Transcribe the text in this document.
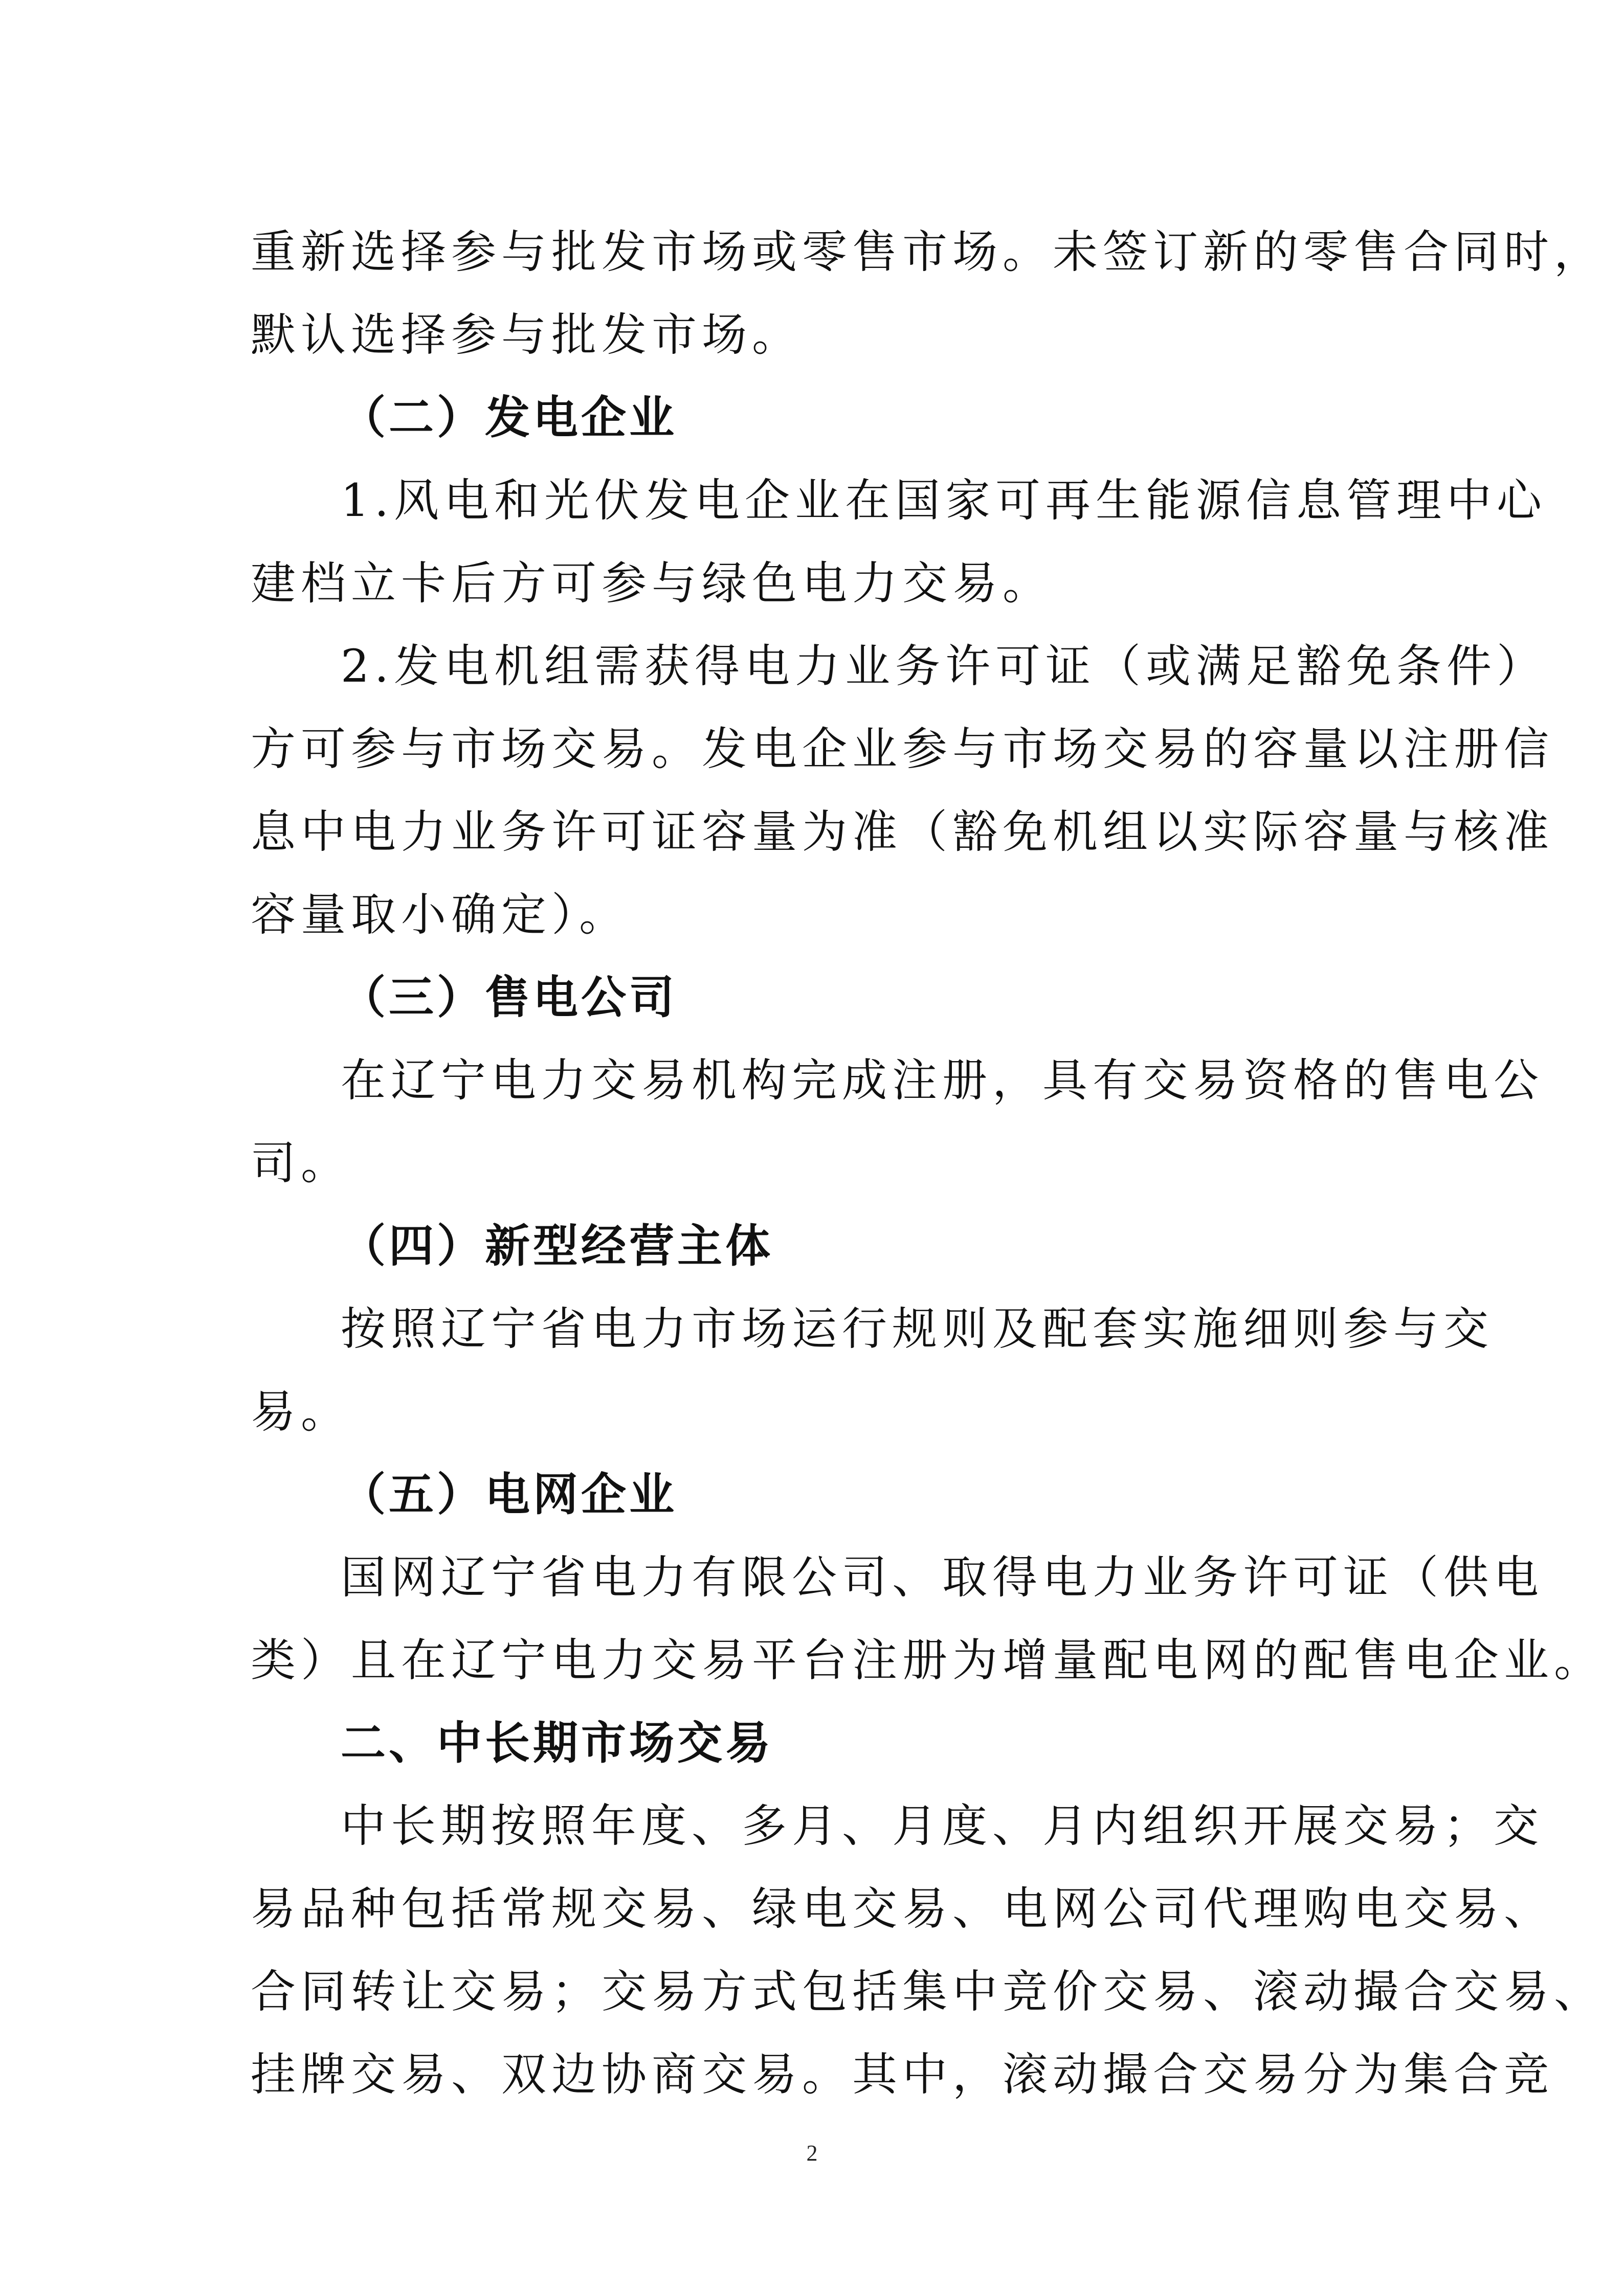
重新选择参与批发市场或零售市场。未签订新的零售合同时，
默认选择参与批发市场。

（二）发电企业

1.风电和光伏发电企业在国家可再生能源信息管理中心
建档立卡后方可参与绿色电力交易。

2.发电机组需获得电力业务许可证（或满足豁免条件）
方可参与市场交易。发电企业参与市场交易的容量以注册信
息中电力业务许可证容量为准（豁免机组以实际容量与核准
容量取小确定）。

（三）售电公司

在辽宁电力交易机构完成注册，具有交易资格的售电公
司。

（四）新型经营主体

按照辽宁省电力市场运行规则及配套实施细则参与交
易。

（五）电网企业

国网辽宁省电力有限公司、取得电力业务许可证（供电
类）且在辽宁电力交易平台注册为增量配电网的配售电企业。

二、中长期市场交易

中长期按照年度、多月、月度、月内组织开展交易；交
易品种包括常规交易、绿电交易、电网公司代理购电交易、
合同转让交易；交易方式包括集中竞价交易、滚动撮合交易、
挂牌交易、双边协商交易。其中，滚动撮合交易分为集合竞

2
